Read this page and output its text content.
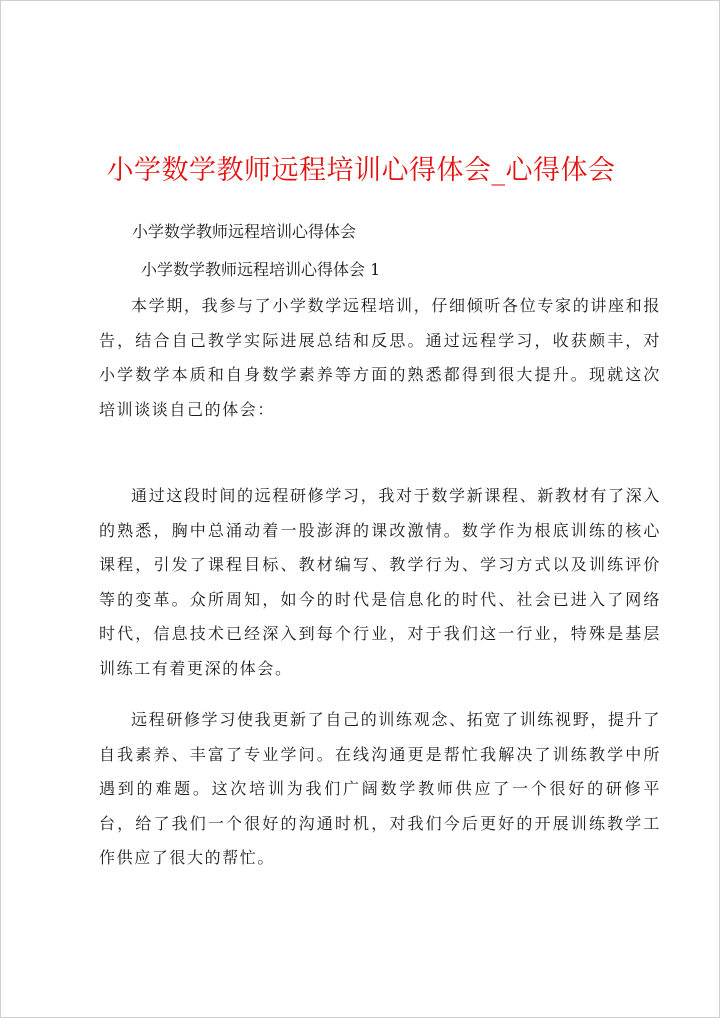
小学数学教师远程培训心得体会_心得体会

小学数学教师远程培训心得体会

小学数学教师远程培训心得体会 1

本学期，我参与了小学数学远程培训，仔细倾听各位专家的讲座和报告，结合自己教学实际进展总结和反思。通过远程学习，收获颇丰，对小学数学本质和自身数学素养等方面的熟悉都得到很大提升。现就这次培训谈谈自己的体会：

通过这段时间的远程研修学习，我对于数学新课程、新教材有了深入的熟悉，胸中总涌动着一股澎湃的课改激情。数学作为根底训练的核心课程，引发了课程目标、教材编写、教学行为、学习方式以及训练评价等的变革。众所周知，如今的时代是信息化的时代、社会已进入了网络时代，信息技术已经深入到每个行业，对于我们这一行业，特殊是基层训练工有着更深的体会。

远程研修学习使我更新了自己的训练观念、拓宽了训练视野，提升了自我素养、丰富了专业学问。在线沟通更是帮忙我解决了训练教学中所遇到的难题。这次培训为我们广阔数学教师供应了一个很好的研修平台，给了我们一个很好的沟通时机，对我们今后更好的开展训练教学工作供应了很大的帮忙。
